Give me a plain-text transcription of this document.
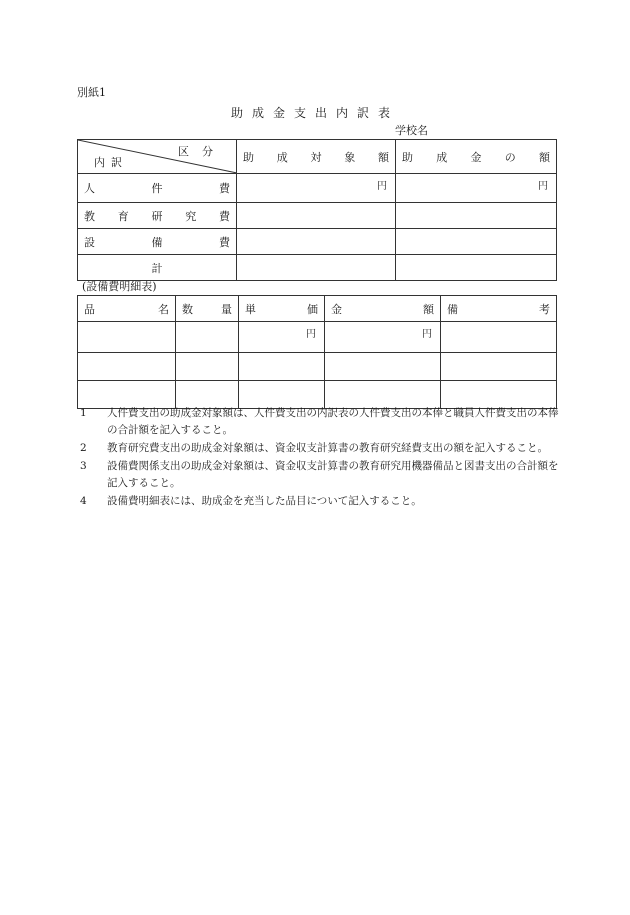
別紙1
助成金支出内訳表
学校名
区分
内訳	助 成 対 象 額	助 成 金 の 額

人 件 費	円	円

教 育 研 究 費		

設 備 費		

計		
(設備費明細表)
品 名	数 量	単 価	金 額	備 考

		円	円	

1	人件費支出の助成金対象額は、人件費支出の内訳表の人件費支出の本俸と職員人件費支出の本俸の合計額を記入すること。
2	教育研究費支出の助成金対象額は、資金収支計算書の教育研究経費支出の額を記入すること。
3	設備費関係支出の助成金対象額は、資金収支計算書の教育研究用機器備品と図書支出の合計額を記入すること。
4	設備費明細表には、助成金を充当した品目について記入すること。
